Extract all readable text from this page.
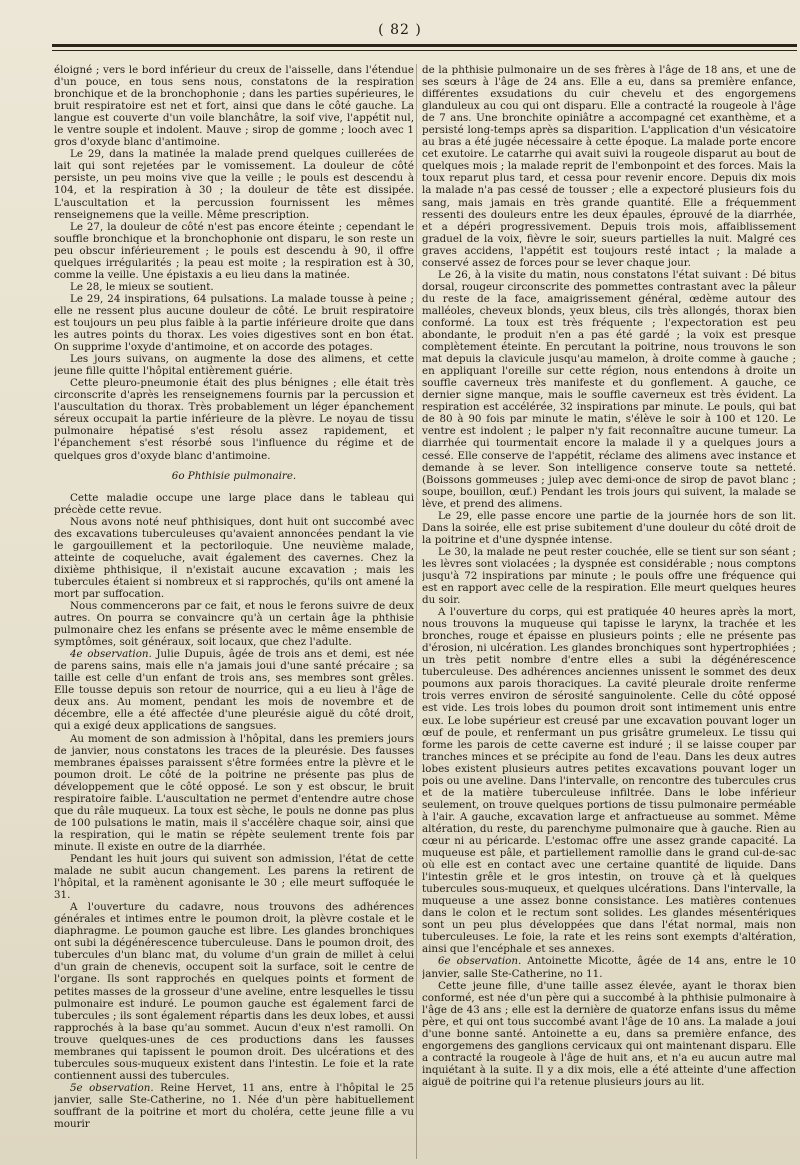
( 82 )

éloigné ; vers le bord inférieur du creux de l'aisselle, dans l'étendue d'un pouce, en tous sens nous, constatons de la respiration bronchique et de la bronchophonie ; dans les parties supérieures, le bruit respiratoire est net et fort, ainsi que dans le côté gauche. La langue est couverte d'un voile blanchâtre, la soif vive, l'appétit nul, le ventre souple et indolent. Mauve ; sirop de gomme ; looch avec 1 gros d'oxyde blanc d'antimoine.

Le 29, dans la matinée la malade prend quelques cuillerées de lait qui sont rejetées par le vomissement. La douleur de côté persiste, un peu moins vive que la veille ; le pouls est descendu à 104, et la respiration à 30 ; la douleur de tête est dissipée. L'auscultation et la percussion fournissent les mêmes renseignemens que la veille. Même prescription.

Le 27, la douleur de côté n'est pas encore éteinte ; cependant le souffle bronchique et la bronchophonie ont disparu, le son reste un peu obscur inférieurement ; le pouls est descendu à 90, il offre quelques irrégularités ; la peau est moite ; la respiration est à 30, comme la veille. Une épistaxis a eu lieu dans la matinée.

Le 28, le mieux se soutient.

Le 29, 24 inspirations, 64 pulsations. La malade tousse à peine ; elle ne ressent plus aucune douleur de côté. Le bruit respiratoire est toujours un peu plus faible à la partie inférieure droite que dans les autres points du thorax. Les voies digestives sont en bon état. On supprime l'oxyde d'antimoine, et on accorde des potages.

Les jours suivans, on augmente la dose des alimens, et cette jeune fille quitte l'hôpital entièrement guérie.

Cette pleuro-pneumonie était des plus bénignes ; elle était très circonscrite d'après les renseignemens fournis par la percussion et l'auscultation du thorax. Très probablement un léger épanchement séreux occupait la partie inférieure de la plèvre. Le noyau de tissu pulmonaire hépatisé s'est résolu assez rapidement, et l'épanchement s'est résorbé sous l'influence du régime et de quelques gros d'oxyde blanc d'antimoine.

6o Phthisie pulmonaire.

Cette maladie occupe une large place dans le tableau qui précède cette revue.

Nous avons noté neuf phthisiques, dont huit ont succombé avec des excavations tuberculeuses qu'avaient annoncées pendant la vie le gargouillement et la pectoriloquie. Une neuvième malade, atteinte de coqueluche, avait également des cavernes. Chez la dixième phthisique, il n'existait aucune excavation ; mais les tubercules étaient si nombreux et si rapprochés, qu'ils ont amené la mort par suffocation.

Nous commencerons par ce fait, et nous le ferons suivre de deux autres. On pourra se convaincre qu'à un certain âge la phthisie pulmonaire chez les enfans se présente avec le même ensemble de symptômes, soit généraux, soit locaux, que chez l'adulte.

4e observation. Julie Dupuis, âgée de trois ans et demi, est née de parens sains, mais elle n'a jamais joui d'une santé précaire ; sa taille est celle d'un enfant de trois ans, ses membres sont grêles. Elle tousse depuis son retour de nourrice, qui a eu lieu à l'âge de deux ans. Au moment, pendant les mois de novembre et de décembre, elle a été affectée d'une pleurésie aiguë du côté droit, qui a exigé deux applications de sangsues.

Au moment de son admission à l'hôpital, dans les premiers jours de janvier, nous constatons les traces de la pleurésie. Des fausses membranes épaisses paraissent s'être formées entre la plèvre et le poumon droit. Le côté de la poitrine ne présente pas plus de développement que le côté opposé. Le son y est obscur, le bruit respiratoire faible. L'auscultation ne permet d'entendre autre chose que du râle muqueux. La toux est sèche, le pouls ne donne pas plus de 100 pulsations le matin, mais il s'accélère chaque soir, ainsi que la respiration, qui le matin se répète seulement trente fois par minute. Il existe en outre de la diarrhée.

Pendant les huit jours qui suivent son admission, l'état de cette malade ne subit aucun changement. Les parens la retirent de l'hôpital, et la ramènent agonisante le 30 ; elle meurt suffoquée le 31.

A l'ouverture du cadavre, nous trouvons des adhérences générales et intimes entre le poumon droit, la plèvre costale et le diaphragme. Le poumon gauche est libre. Les glandes bronchiques ont subi la dégénérescence tuberculeuse. Dans le poumon droit, des tubercules d'un blanc mat, du volume d'un grain de millet à celui d'un grain de chenevis, occupent soit la surface, soit le centre de l'organe. Ils sont rapprochés en quelques points et forment de petites masses de la grosseur d'une aveline, entre lesquelles le tissu pulmonaire est induré. Le poumon gauche est également farci de tubercules ; ils sont également répartis dans les deux lobes, et aussi rapprochés à la base qu'au sommet. Aucun d'eux n'est ramolli. On trouve quelques-unes de ces productions dans les fausses membranes qui tapissent le poumon droit. Des ulcérations et des tubercules sous-muqueux existent dans l'intestin. Le foie et la rate contiennent aussi des tubercules.

5e observation. Reine Hervet, 11 ans, entre à l'hôpital le 25 janvier, salle Ste-Catherine, no 1. Née d'un père habituellement souffrant de la poitrine et mort du choléra, cette jeune fille a vu mourir

de la phthisie pulmonaire un de ses frères à l'âge de 18 ans, et une de ses sœurs à l'âge de 24 ans. Elle a eu, dans sa première enfance, différentes exsudations du cuir chevelu et des engorgemens glanduleux au cou qui ont disparu. Elle a contracté la rougeole à l'âge de 7 ans. Une bronchite opiniâtre a accompagné cet exanthème, et a persisté long-temps après sa disparition. L'application d'un vésicatoire au bras a été jugée nécessaire à cette époque. La malade porte encore cet exutoire. Le catarrhe qui avait suivi la rougeole disparut au bout de quelques mois ; la malade reprit de l'embonpoint et des forces. Mais la toux reparut plus tard, et cessa pour revenir encore. Depuis dix mois la malade n'a pas cessé de tousser ; elle a expectoré plusieurs fois du sang, mais jamais en très grande quantité. Elle a fréquemment ressenti des douleurs entre les deux épaules, éprouvé de la diarrhée, et a dépéri progressivement. Depuis trois mois, affaiblissement graduel de la voix, fièvre le soir, sueurs partielles la nuit. Malgré ces graves accidens, l'appétit est toujours resté intact ; la malade a conservé assez de forces pour se lever chaque jour.

Le 26, à la visite du matin, nous constatons l'état suivant : Dé bitus dorsal, rougeur circonscrite des pommettes contrastant avec la pâleur du reste de la face, amaigrissement général, œdème autour des malléoles, cheveux blonds, yeux bleus, cils très allongés, thorax bien conformé. La toux est très fréquente ; l'expectoration est peu abondante, le produit n'en a pas été gardé ; la voix est presque complètement éteinte. En percutant la poitrine, nous trouvons le son mat depuis la clavicule jusqu'au mamelon, à droite comme à gauche ; en appliquant l'oreille sur cette région, nous entendons à droite un souffle caverneux très manifeste et du gonflement. A gauche, ce dernier signe manque, mais le souffle caverneux est très évident. La respiration est accélérée, 32 inspirations par minute. Le pouls, qui bat de 80 à 90 fois par minute le matin, s'élève le soir à 100 et 120. Le ventre est indolent ; le palper n'y fait reconnaître aucune tumeur. La diarrhée qui tourmentait encore la malade il y a quelques jours a cessé. Elle conserve de l'appétit, réclame des alimens avec instance et demande à se lever. Son intelligence conserve toute sa netteté. (Boissons gommeuses ; julep avec demi-once de sirop de pavot blanc ; soupe, bouillon, œuf.) Pendant les trois jours qui suivent, la malade se lève, et prend des alimens.

Le 29, elle passe encore une partie de la journée hors de son lit. Dans la soirée, elle est prise subitement d'une douleur du côté droit de la poitrine et d'une dyspnée intense.

Le 30, la malade ne peut rester couchée, elle se tient sur son séant ; les lèvres sont violacées ; la dyspnée est considérable ; nous comptons jusqu'à 72 inspirations par minute ; le pouls offre une fréquence qui est en rapport avec celle de la respiration. Elle meurt quelques heures du soir.

A l'ouverture du corps, qui est pratiquée 40 heures après la mort, nous trouvons la muqueuse qui tapisse le larynx, la trachée et les bronches, rouge et épaisse en plusieurs points ; elle ne présente pas d'érosion, ni ulcération. Les glandes bronchiques sont hypertrophiées ; un très petit nombre d'entre elles a subi la dégénérescence tuberculeuse. Des adhérences anciennes unissent le sommet des deux poumons aux parois thoraciques. La cavité pleurale droite renferme trois verres environ de sérosité sanguinolente. Celle du côté opposé est vide. Les trois lobes du poumon droit sont intimement unis entre eux. Le lobe supérieur est creusé par une excavation pouvant loger un œuf de poule, et renfermant un pus grisâtre grumeleux. Le tissu qui forme les parois de cette caverne est induré ; il se laisse couper par tranches minces et se précipite au fond de l'eau. Dans les deux autres lobes existent plusieurs autres petites excavations pouvant loger un pois ou une aveline. Dans l'intervalle, on rencontre des tubercules crus et de la matière tuberculeuse infiltrée. Dans le lobe inférieur seulement, on trouve quelques portions de tissu pulmonaire perméable à l'air. A gauche, excavation large et anfractueuse au sommet. Même altération, du reste, du parenchyme pulmonaire que à gauche. Rien au cœur ni au péricarde. L'estomac offre une assez grande capacité. La muqueuse est pâle, et partiellement ramollie dans le grand cul-de-sac où elle est en contact avec une certaine quantité de liquide. Dans l'intestin grêle et le gros intestin, on trouve çà et là quelques tubercules sous-muqueux, et quelques ulcérations. Dans l'intervalle, la muqueuse a une assez bonne consistance. Les matières contenues dans le colon et le rectum sont solides. Les glandes mésentériques sont un peu plus développées que dans l'état normal, mais non tuberculeuses. Le foie, la rate et les reins sont exempts d'altération, ainsi que l'encéphale et ses annexes.

6e observation. Antoinette Micotte, âgée de 14 ans, entre le 10 janvier, salle Ste-Catherine, no 11.

Cette jeune fille, d'une taille assez élevée, ayant le thorax bien conformé, est née d'un père qui a succombé à la phthisie pulmonaire à l'âge de 43 ans ; elle est la dernière de quatorze enfans issus du même père, et qui ont tous succombé avant l'âge de 10 ans. La malade a joui d'une bonne santé. Antoinette a eu, dans sa première enfance, des engorgemens des ganglions cervicaux qui ont maintenant disparu. Elle a contracté la rougeole à l'âge de huit ans, et n'a eu aucun autre mal inquiétant à la suite. Il y a dix mois, elle a été atteinte d'une affection aiguë de poitrine qui l'a retenue plusieurs jours au lit.
